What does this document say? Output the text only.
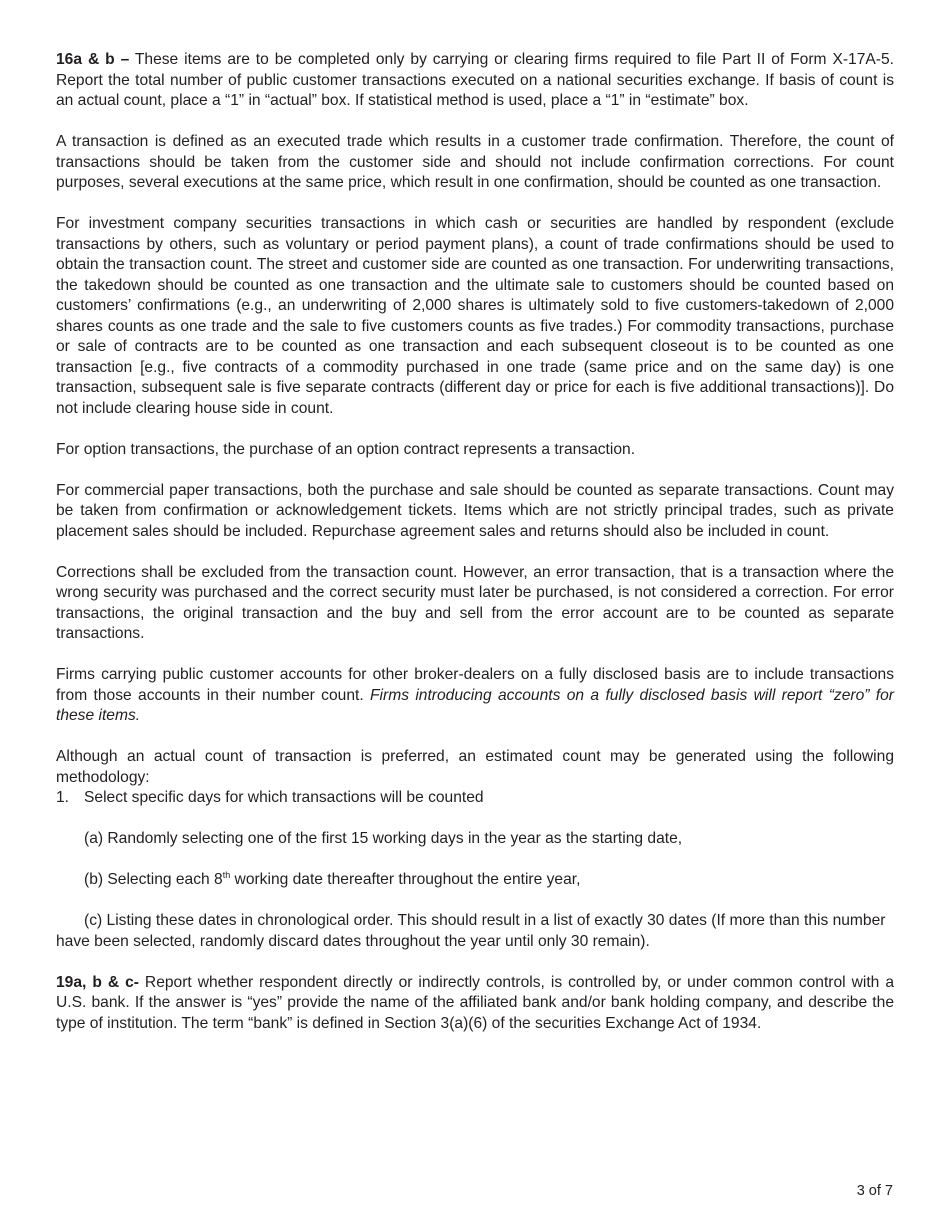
16a & b – These items are to be completed only by carrying or clearing firms required to file Part II of Form X-17A-5. Report the total number of public customer transactions executed on a national securities exchange. If basis of count is an actual count, place a “1” in “actual” box. If statistical method is used, place a “1” in “estimate” box.

A transaction is defined as an executed trade which results in a customer trade confirmation. Therefore, the count of transactions should be taken from the customer side and should not include confirmation corrections. For count purposes, several executions at the same price, which result in one confirmation, should be counted as one transaction.

For investment company securities transactions in which cash or securities are handled by respondent (exclude transactions by others, such as voluntary or period payment plans), a count of trade confirmations should be used to obtain the transaction count. The street and customer side are counted as one transaction. For underwriting transactions, the takedown should be counted as one transaction and the ultimate sale to customers should be counted based on customers’ confirmations (e.g., an underwriting of 2,000 shares is ultimately sold to five customers-takedown of 2,000 shares counts as one trade and the sale to five customers counts as five trades.) For commodity transactions, purchase or sale of contracts are to be counted as one transaction and each subsequent closeout is to be counted as one transaction [e.g., five contracts of a commodity purchased in one trade (same price and on the same day) is one transaction, subsequent sale is five separate contracts (different day or price for each is five additional transactions)]. Do not include clearing house side in count.

For option transactions, the purchase of an option contract represents a transaction.

For commercial paper transactions, both the purchase and sale should be counted as separate transactions. Count may be taken from confirmation or acknowledgement tickets. Items which are not strictly principal trades, such as private placement sales should be included. Repurchase agreement sales and returns should also be included in count.

Corrections shall be excluded from the transaction count. However, an error transaction, that is a transaction where the wrong security was purchased and the correct security must later be purchased, is not considered a correction. For error transactions, the original transaction and the buy and sell from the error account are to be counted as separate transactions.

Firms carrying public customer accounts for other broker-dealers on a fully disclosed basis are to include transactions from those accounts in their number count. Firms introducing accounts on a fully disclosed basis will report “zero” for these items.

Although an actual count of transaction is preferred, an estimated count may be generated using the following methodology:

1. Select specific days for which transactions will be counted

(a) Randomly selecting one of the first 15 working days in the year as the starting date,

(b) Selecting each 8th working date thereafter throughout the entire year,

(c) Listing these dates in chronological order. This should result in a list of exactly 30 dates (If more than this number have been selected, randomly discard dates throughout the year until only 30 remain).

19a, b & c- Report whether respondent directly or indirectly controls, is controlled by, or under common control with a U.S. bank. If the answer is “yes” provide the name of the affiliated bank and/or bank holding company, and describe the type of institution. The term “bank” is defined in Section 3(a)(6) of the securities Exchange Act of 1934.

3 of 7
